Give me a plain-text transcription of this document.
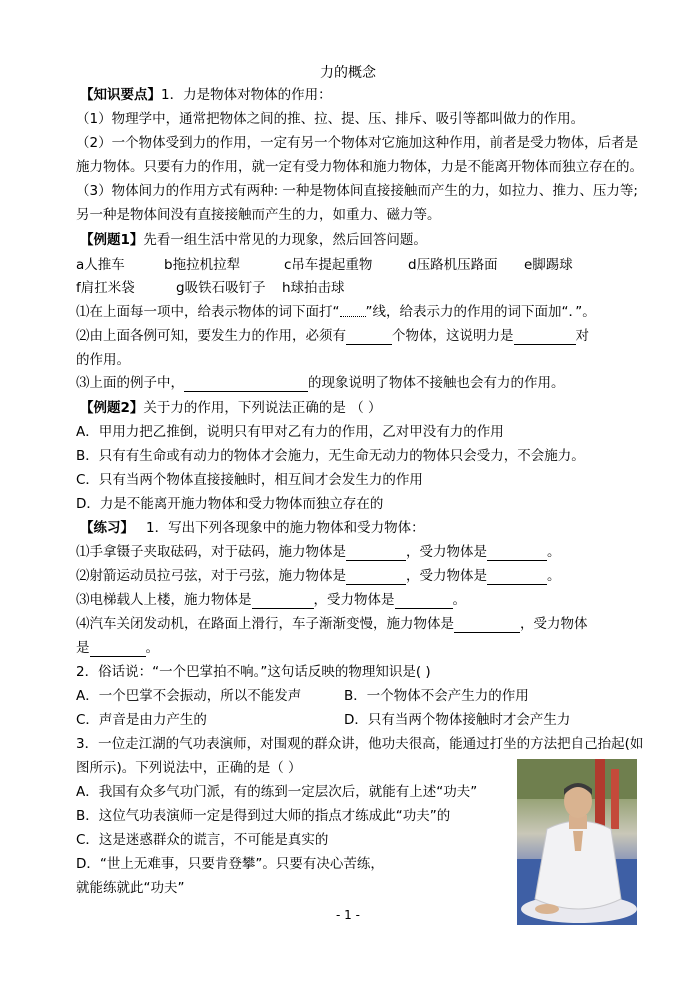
力的概念
【知识要点】1．力是物体对物体的作用：
（1）物理学中，通常把物体之间的推、拉、提、压、排斥、吸引等都叫做力的作用。
（2）一个物体受到力的作用，一定有另一个物体对它施加这种作用，前者是受力物体，后者是
施力物体。只要有力的作用，就一定有受力物体和施力物体，力是不能离开物体而独立存在的。
（3）物体间力的作用方式有两种: 一种是物体间直接接触而产生的力，如拉力、推力、压力等;
另一种是物体间没有直接接触而产生的力，如重力、磁力等。
【例题1】先看一组生活中常见的力现象，然后回答问题。
a人推车	b拖拉机拉犁	c吊车提起重物	d压路机压路面 e脚踢球
f肩扛米袋	g吸铁石吸钉子 h球拍击球
⑴在上面每一项中，给表示物体的词下面打“ ”线，给表示力的作用的词下面加“．”。
⑵由上面各例可知，要发生力的作用，必须有	个物体，这说明力是	对
的作用。
⑶上面的例子中，	的现象说明了物体不接触也会有力的作用。
【例题2】关于力的作用，下列说法正确的是 （ ）
A．甲用力把乙推倒，说明只有甲对乙有力的作用，乙对甲没有力的作用
B．只有有生命或有动力的物体才会施力，无生命无动力的物体只会受力，不会施力。
C．只有当两个物体直接接触时，相互间才会发生力的作用
D．力是不能离开施力物体和受力物体而独立存在的
【练习】 1．写出下列各现象中的施力物体和受力物体：
⑴手拿镊子夹取砝码，对于砝码，施力物体是	，受力物体是	。
⑵射箭运动员拉弓弦，对于弓弦，施力物体是	，受力物体是	。
⑶电梯载人上楼，施力物体是	，受力物体是	。
⑷汽车关闭发动机，在路面上滑行，车子渐渐变慢，施力物体是	，受力物体
是	。
2．俗话说：“一个巴掌拍不响。”这句话反映的物理知识是( )
A．一个巴掌不会振动，所以不能发声	B．一个物体不会产生力的作用
C．声音是由力产生的	D．只有当两个物体接触时才会产生力
3．一位走江湖的气功表演师，对围观的群众讲，他功夫很高，能通过打坐的方法把自己抬起(如
图所示)。下列说法中，正确的是（ ）
A．我国有众多气功门派，有的练到一定层次后，就能有上述“功夫”
B．这位气功表演师一定是得到过大师的指点才练成此“功夫”的
C．这是迷惑群众的谎言，不可能是真实的
D．“世上无难事，只要肯登攀”。只要有决心苦练，
就能练就此“功夫”
- 1 -
